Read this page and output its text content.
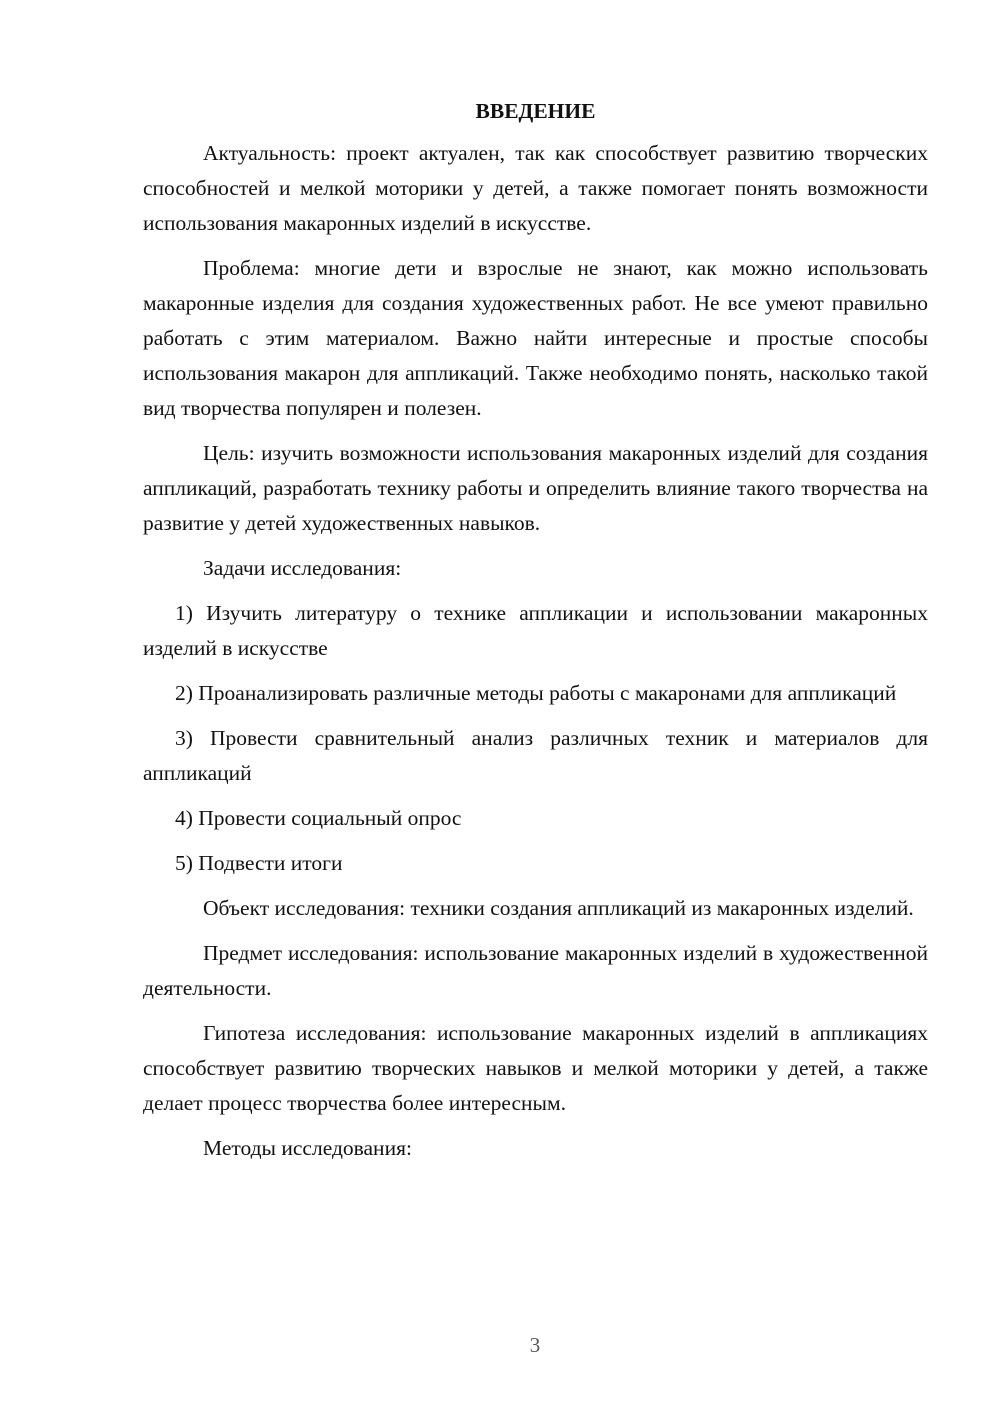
ВВЕДЕНИЕ

Актуальность: проект актуален, так как способствует развитию творческих способностей и мелкой моторики у детей, а также помогает понять возможности использования макаронных изделий в искусстве.

Проблема: многие дети и взрослые не знают, как можно использовать макаронные изделия для создания художественных работ. Не все умеют правильно работать с этим материалом. Важно найти интересные и простые способы использования макарон для аппликаций. Также необходимо понять, насколько такой вид творчества популярен и полезен.

Цель: изучить возможности использования макаронных изделий для создания аппликаций, разработать технику работы и определить влияние такого творчества на развитие у детей художественных навыков.

Задачи исследования:

1) Изучить литературу о технике аппликации и использовании макаронных изделий в искусстве

2) Проанализировать различные методы работы с макаронами для аппликаций

3) Провести сравнительный анализ различных техник и материалов для аппликаций

4) Провести социальный опрос

5) Подвести итоги

Объект исследования: техники создания аппликаций из макаронных изделий.

Предмет исследования: использование макаронных изделий в художественной деятельности.

Гипотеза исследования: использование макаронных изделий в аппликациях способствует развитию творческих навыков и мелкой моторики у детей, а также делает процесс творчества более интересным.

Методы исследования:

3
